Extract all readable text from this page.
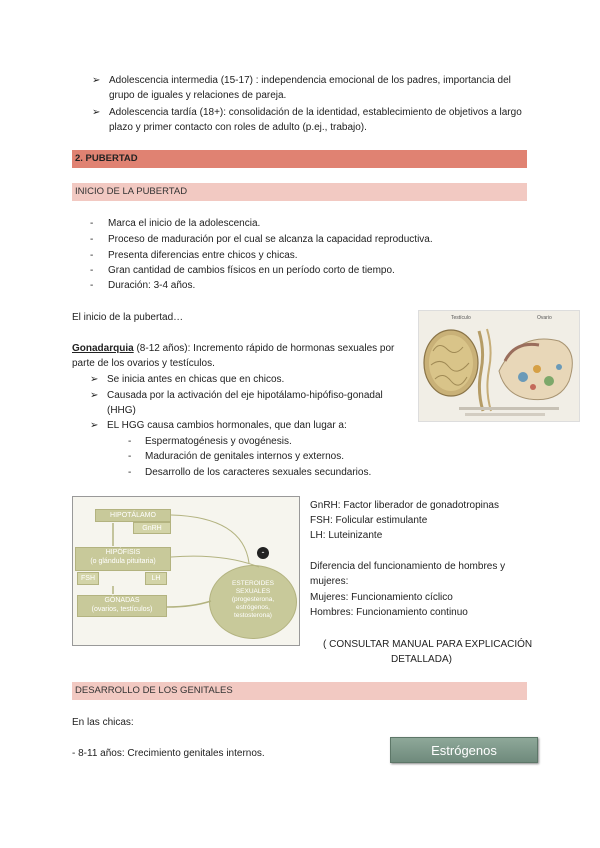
➢ Adolescencia intermedia (15-17) : independencia emocional de los padres, importancia del grupo de iguales y relaciones de pareja.
➢ Adolescencia tardía (18+): consolidación de la identidad, establecimiento de objetivos a largo plazo y primer contacto con roles de adulto (p.ej., trabajo).
2. PUBERTAD
INICIO DE LA PUBERTAD
- Marca el inicio de la adolescencia.
- Proceso de maduración por el cual se alcanza la capacidad reproductiva.
- Presenta diferencias entre chicos y chicas.
- Gran cantidad de cambios físicos en un período corto de tiempo.
- Duración: 3-4 años.
El inicio de la pubertad…
Gonadarquia (8-12 años): Incremento rápido de hormonas sexuales por
parte de los ovarios y testículos.
➢ Se inicia antes en chicas que en chicos.
➢ Causada por la activación del eje hipotálamo-hipófiso-gonadal (HHG)
➢ EL HGG causa cambios hormonales, que dan lugar a:
- Espermatogénesis y ovogénesis.
- Maduración de genitales internos y externos.
- Desarrollo de los caracteres sexuales secundarios.
Testículo	Ovario
HIPOTÁLAMO
GnRH
HIPÓFISIS
(o glándula pituitaria)
FSH	LH
GÓNADAS
(ovarios, testículos)
ESTEROIDES
SEXUALES
(progesterona,
estrógenos,
testosterona)
-
GnRH: Factor liberador de gonadotropinas
FSH: Folicular estimulante
LH: Luteinizante
Diferencia del funcionamiento de hombres y
mujeres:
Mujeres: Funcionamiento cíclico
Hombres: Funcionamiento continuo
( CONSULTAR MANUAL PARA EXPLICACIÓN
DETALLADA)
DESARROLLO DE LOS GENITALES
En las chicas:
- 8-11 años: Crecimiento genitales internos.	Estrógenos
